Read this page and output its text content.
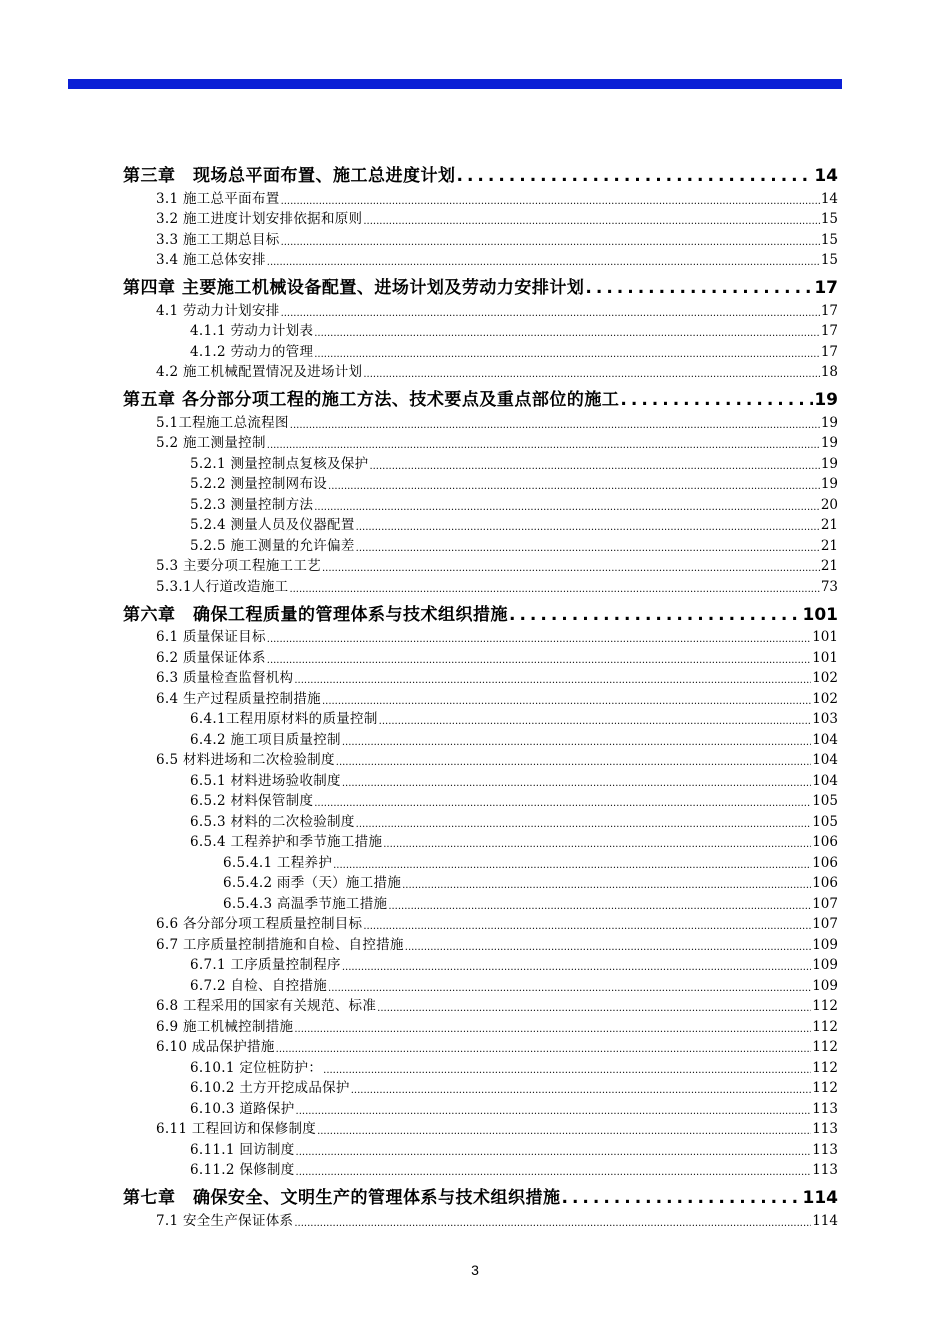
第三章　现场总平面布置、施工总进度计划 .....	14
3.1 施工总平面布置 .....	14
3.2 施工进度计划安排依据和原则 .....	15
3.3 施工工期总目标 .....	15
3.4 施工总体安排 .....	15
第四章 主要施工机械设备配置、进场计划及劳动力安排计划 .....	17
4.1 劳动力计划安排 .....	17
4.1.1 劳动力计划表 .....	17
4.1.2 劳动力的管理 .....	17
4.2 施工机械配置情况及进场计划 .....	18
第五章 各分部分项工程的施工方法、技术要点及重点部位的施工 .....	19
5.1工程施工总流程图 .....	19
5.2 施工测量控制 .....	19
5.2.1 测量控制点复核及保护 .....	19
5.2.2 测量控制网布设 .....	19
5.2.3 测量控制方法 .....	20
5.2.4 测量人员及仪器配置 .....	21
5.2.5 施工测量的允许偏差 .....	21
5.3 主要分项工程施工工艺 .....	21
5.3.1人行道改造施工 .....	73
第六章　确保工程质量的管理体系与技术组织措施 .....	101
6.1 质量保证目标 .....	101
6.2 质量保证体系 .....	101
6.3 质量检查监督机构 .....	102
6.4 生产过程质量控制措施 .....	102
6.4.1工程用原材料的质量控制 .....	103
6.4.2 施工项目质量控制 .....	104
6.5 材料进场和二次检验制度 .....	104
6.5.1 材料进场验收制度 .....	104
6.5.2 材料保管制度 .....	105
6.5.3 材料的二次检验制度 .....	105
6.5.4 工程养护和季节施工措施 .....	106
6.5.4.1 工程养护 .....	106
6.5.4.2 雨季（天）施工措施 .....	106
6.5.4.3 高温季节施工措施 .....	107
6.6 各分部分项工程质量控制目标 .....	107
6.7 工序质量控制措施和自检、自控措施 .....	109
6.7.1 工序质量控制程序 .....	109
6.7.2 自检、自控措施 .....	109
6.8 工程采用的国家有关规范、标准 .....	112
6.9 施工机械控制措施 .....	112
6.10 成品保护措施 .....	112
6.10.1 定位桩防护： .....	112
6.10.2 土方开挖成品保护 .....	112
6.10.3 道路保护 .....	113
6.11 工程回访和保修制度 .....	113
6.11.1 回访制度 .....	113
6.11.2 保修制度 .....	113
第七章　确保安全、文明生产的管理体系与技术组织措施 .....	114
7.1 安全生产保证体系 .....	114
3
